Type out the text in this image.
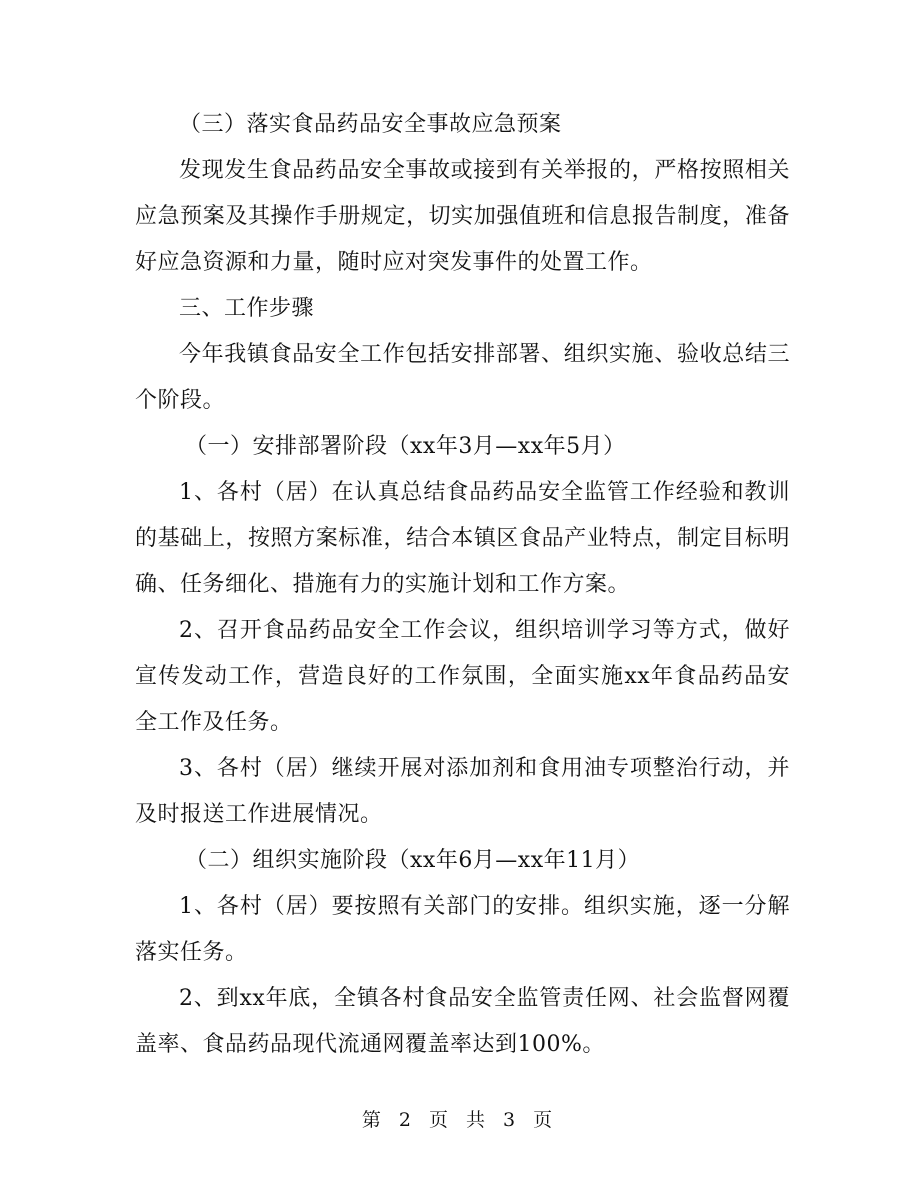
（三）落实食品药品安全事故应急预案

发现发生食品药品安全事故或接到有关举报的，严格按照相关应急预案及其操作手册规定，切实加强值班和信息报告制度，准备好应急资源和力量，随时应对突发事件的处置工作。

三、工作步骤

今年我镇食品安全工作包括安排部署、组织实施、验收总结三个阶段。

（一）安排部署阶段（xx年3月—xx年5月）

1、各村（居）在认真总结食品药品安全监管工作经验和教训的基础上，按照方案标准，结合本镇区食品产业特点，制定目标明确、任务细化、措施有力的实施计划和工作方案。

2、召开食品药品安全工作会议，组织培训学习等方式，做好宣传发动工作，营造良好的工作氛围，全面实施xx年食品药品安全工作及任务。

3、各村（居）继续开展对添加剂和食用油专项整治行动，并及时报送工作进展情况。

（二）组织实施阶段（xx年6月—xx年11月）

1、各村（居）要按照有关部门的安排。组织实施，逐一分解落实任务。

2、到xx年底，全镇各村食品安全监管责任网、社会监督网覆盖率、食品药品现代流通网覆盖率达到100%。

第 2 页 共 3 页
